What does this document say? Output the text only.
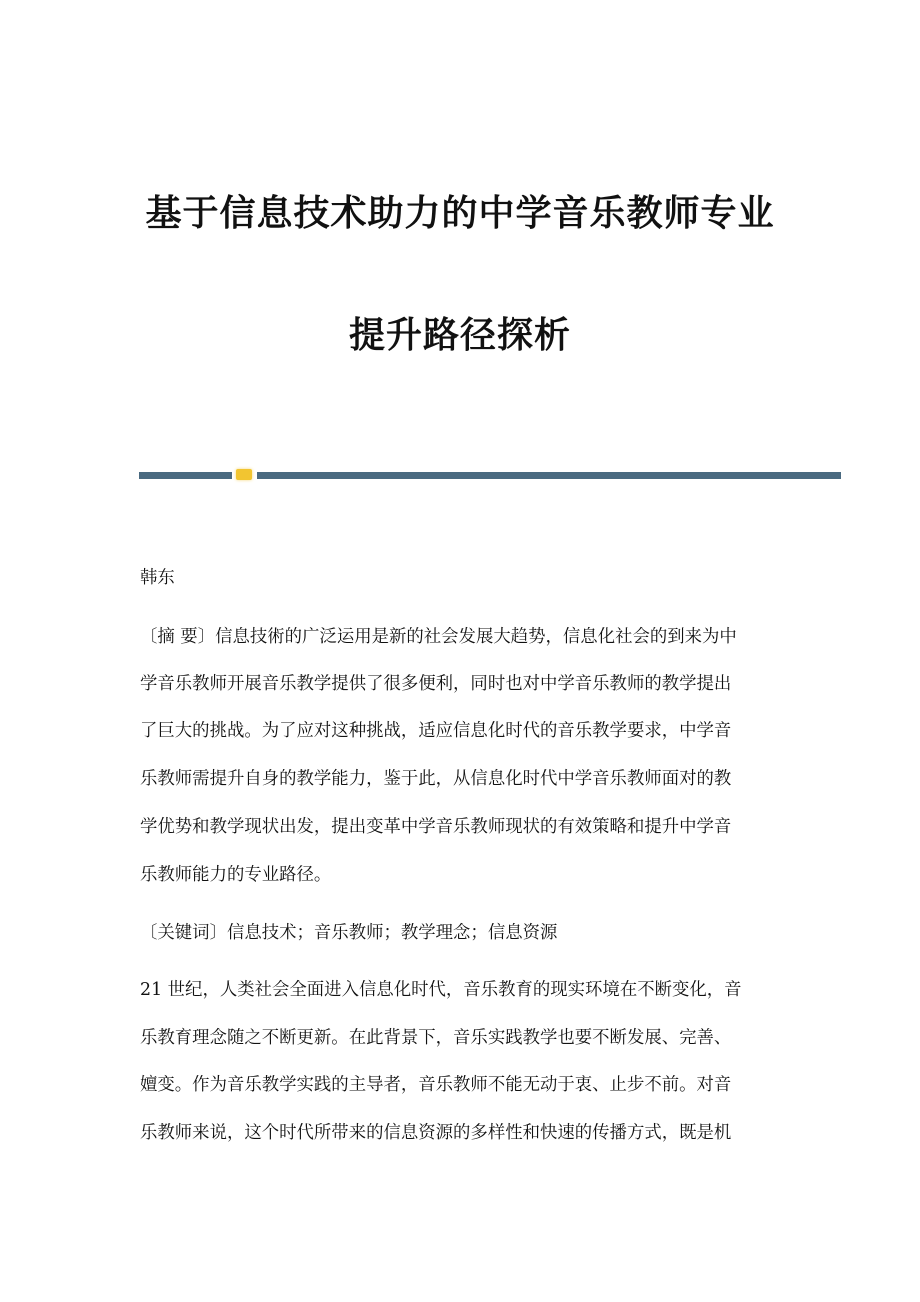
基于信息技术助力的中学音乐教师专业
提升路径探析
韩东
〔摘 要〕信息技術的广泛运用是新的社会发展大趋势，信息化社会的到来为中
学音乐教师开展音乐教学提供了很多便利，同时也对中学音乐教师的教学提出
了巨大的挑战。为了应对这种挑战，适应信息化时代的音乐教学要求，中学音
乐教师需提升自身的教学能力，鉴于此，从信息化时代中学音乐教师面对的教
学优势和教学现状出发，提出变革中学音乐教师现状的有效策略和提升中学音
乐教师能力的专业路径。
〔关键词〕信息技术；音乐教师；教学理念；信息资源
21 世纪，人类社会全面进入信息化时代，音乐教育的现实环境在不断变化，音
乐教育理念随之不断更新。在此背景下，音乐实践教学也要不断发展、完善、
嬗变。作为音乐教学实践的主导者，音乐教师不能无动于衷、止步不前。对音
乐教师来说，这个时代所带来的信息资源的多样性和快速的传播方式，既是机
